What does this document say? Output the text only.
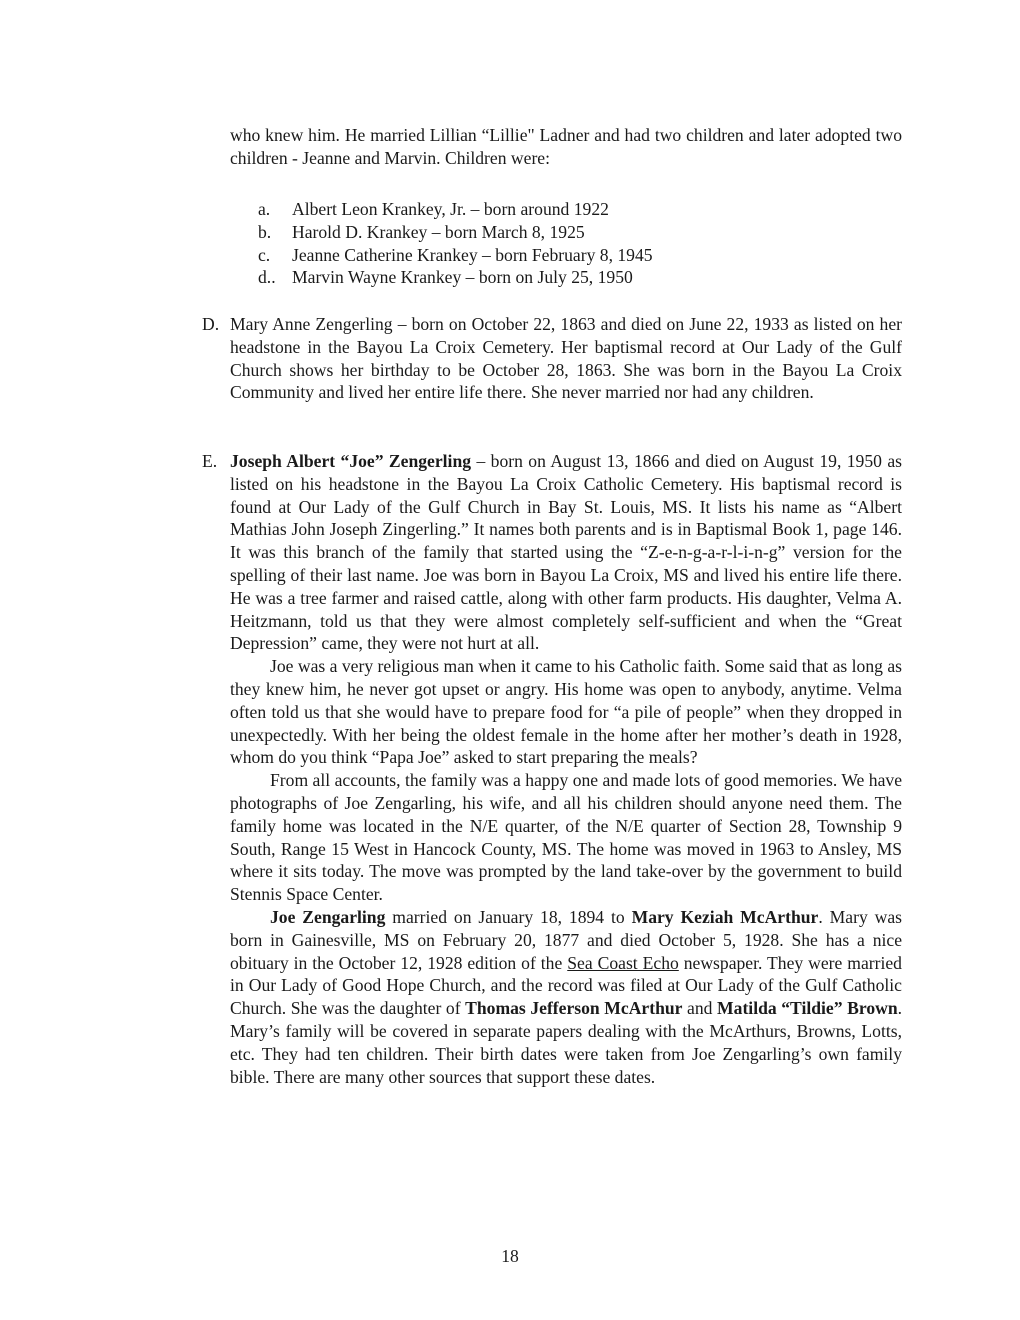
who knew him. He married Lillian “Lillie" Ladner and had two children and later adopted two children - Jeanne and Marvin. Children were:

a. Albert Leon Krankey, Jr. – born around 1922
b. Harold D. Krankey – born March 8, 1925
c. Jeanne Catherine Krankey – born February 8, 1945
d.. Marvin Wayne Krankey – born on July 25, 1950
D. Mary Anne Zengerling – born on October 22, 1863 and died on June 22, 1933 as listed on her headstone in the Bayou La Croix Cemetery. Her baptismal record at Our Lady of the Gulf Church shows her birthday to be October 28, 1863. She was born in the Bayou La Croix Community and lived her entire life there. She never married nor had any children.

E. Joseph Albert “Joe” Zengerling – born on August 13, 1866 and died on August 19, 1950 as listed on his headstone in the Bayou La Croix Catholic Cemetery. His baptismal record is found at Our Lady of the Gulf Church in Bay St. Louis, MS. It lists his name as “Albert Mathias John Joseph Zingerling.” It names both parents and is in Baptismal Book 1, page 146. It was this branch of the family that started using the “Z-e-n-g-a-r-l-i-n-g” version for the spelling of their last name. Joe was born in Bayou La Croix, MS and lived his entire life there. He was a tree farmer and raised cattle, along with other farm products. His daughter, Velma A. Heitzmann, told us that they were almost completely self-sufficient and when the “Great Depression” came, they were not hurt at all.

Joe was a very religious man when it came to his Catholic faith. Some said that as long as they knew him, he never got upset or angry. His home was open to anybody, anytime. Velma often told us that she would have to prepare food for “a pile of people” when they dropped in unexpectedly. With her being the oldest female in the home after her mother’s death in 1928, whom do you think “Papa Joe” asked to start preparing the meals?

From all accounts, the family was a happy one and made lots of good memories. We have photographs of Joe Zengarling, his wife, and all his children should anyone need them. The family home was located in the N/E quarter, of the N/E quarter of Section 28, Township 9 South, Range 15 West in Hancock County, MS. The home was moved in 1963 to Ansley, MS where it sits today. The move was prompted by the land take-over by the government to build Stennis Space Center.

Joe Zengarling married on January 18, 1894 to Mary Keziah McArthur. Mary was born in Gainesville, MS on February 20, 1877 and died October 5, 1928. She has a nice obituary in the October 12, 1928 edition of the Sea Coast Echo newspaper. They were married in Our Lady of Good Hope Church, and the record was filed at Our Lady of the Gulf Catholic Church. She was the daughter of Thomas Jefferson McArthur and Matilda “Tildie” Brown. Mary’s family will be covered in separate papers dealing with the McArthurs, Browns, Lotts, etc. They had ten children. Their birth dates were taken from Joe Zengarling’s own family bible. There are many other sources that support these dates.

18
